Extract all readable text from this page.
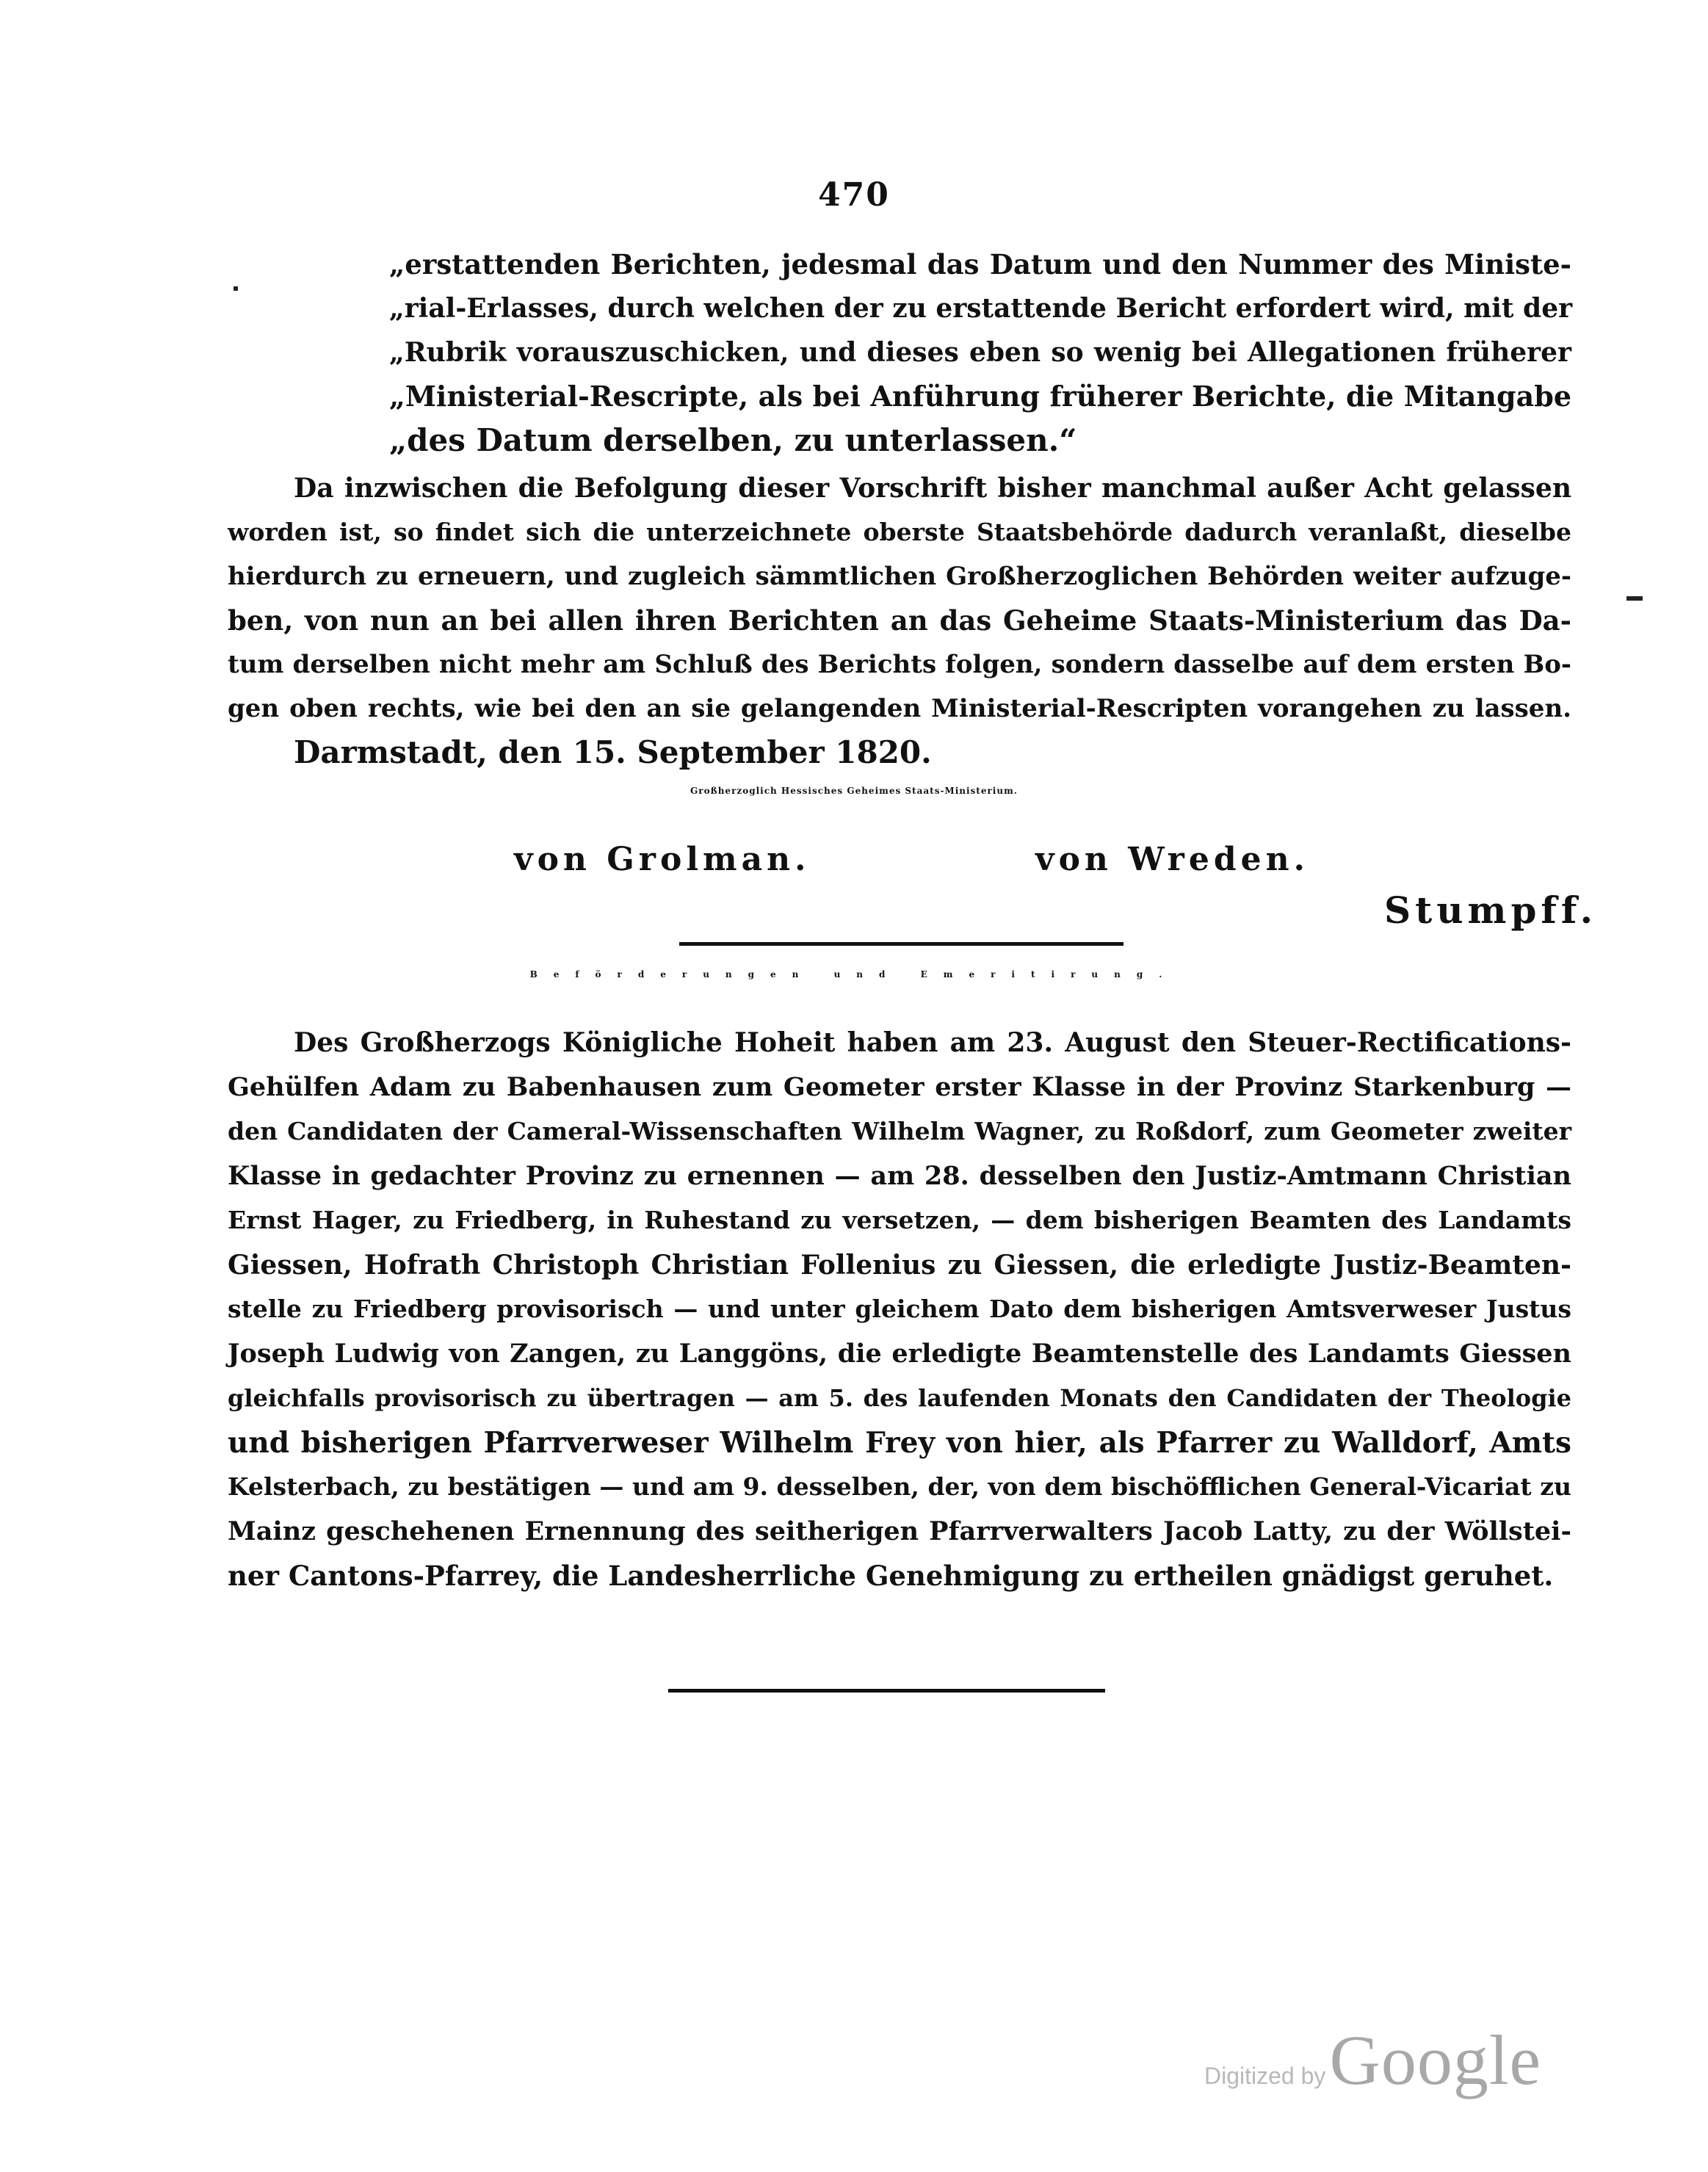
470
„erstattenden Berichten, jedesmal das Datum und den Nummer des Ministe-
„rial-Erlasses, durch welchen der zu erstattende Bericht erfordert wird, mit der
„Rubrik vorauszuschicken, und dieses eben so wenig bei Allegationen früherer
„Ministerial-Rescripte, als bei Anführung früherer Berichte, die Mitangabe
„des Datum derselben, zu unterlassen.“
Da inzwischen die Befolgung dieser Vorschrift bisher manchmal außer Acht gelassen
worden ist, so findet sich die unterzeichnete oberste Staatsbehörde dadurch veranlaßt, dieselbe
hierdurch zu erneuern, und zugleich sämmtlichen Großherzoglichen Behörden weiter aufzuge-
ben, von nun an bei allen ihren Berichten an das Geheime Staats-Ministerium das Da-
tum derselben nicht mehr am Schluß des Berichts folgen, sondern dasselbe auf dem ersten Bo-
gen oben rechts, wie bei den an sie gelangenden Ministerial-Rescripten vorangehen zu lassen.
Darmstadt, den 15. September 1820.
Großherzoglich Hessisches Geheimes Staats-Ministerium.
von Grolman.	von Wreden.
Stumpff.
Beförderungen und Emeritirung.
Des Großherzogs Königliche Hoheit haben am 23. August den Steuer-Rectifications-
Gehülfen Adam zu Babenhausen zum Geometer erster Klasse in der Provinz Starkenburg —
den Candidaten der Cameral-Wissenschaften Wilhelm Wagner, zu Roßdorf, zum Geometer zweiter
Klasse in gedachter Provinz zu ernennen — am 28. desselben den Justiz-Amtmann Christian
Ernst Hager, zu Friedberg, in Ruhestand zu versetzen, — dem bisherigen Beamten des Landamts
Giessen, Hofrath Christoph Christian Follenius zu Giessen, die erledigte Justiz-Beamten-
stelle zu Friedberg provisorisch — und unter gleichem Dato dem bisherigen Amtsverweser Justus
Joseph Ludwig von Zangen, zu Langgöns, die erledigte Beamtenstelle des Landamts Giessen
gleichfalls provisorisch zu übertragen — am 5. des laufenden Monats den Candidaten der Theologie
und bisherigen Pfarrverweser Wilhelm Frey von hier, als Pfarrer zu Walldorf, Amts
Kelsterbach, zu bestätigen — und am 9. desselben, der, von dem bischöfflichen General-Vicariat zu
Mainz geschehenen Ernennung des seitherigen Pfarrverwalters Jacob Latty, zu der Wöllstei-
ner Cantons-Pfarrey, die Landesherrliche Genehmigung zu ertheilen gnädigst geruhet.
Digitized by Google
